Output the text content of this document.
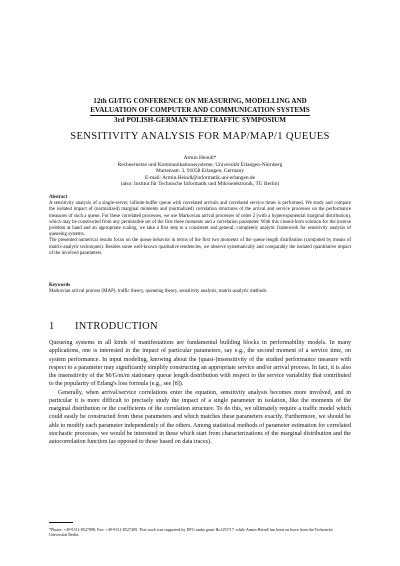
12th GI/ITG CONFERENCE ON MEASURING, MODELLING AND
EVALUATION OF COMPUTER AND COMMUNICATION SYSTEMS
3rd POLISH-GERMAN TELETRAFFIC SYMPOSIUM
SENSITIVITY ANALYSIS FOR MAP/MAP/1 QUEUES
Armin Heindl*
Rechnernetze und Kommunikationssysteme, Universität Erlangen-Nürnberg
Martensstr. 3, 91058 Erlangen, Germany
E-mail: Armin.Heindl@informatik.uni-erlangen.de
(also: Institut für Technische Informatik und Mikroelektronik, TU Berlin)
Abstract
A sensitivity analysis of a single-server, infinite-buffer queue with correlated arrivals and correlated service times is performed. We study and compare the isolated impact of (normalized) marginal moments and (normalized) correlation structures of the arrival and service processes on the performance measures of such a queue. For these correlated processes, we use Markovian arrival processes of order 2 (with a hyperexponential marginal distribution), which may be constructed from any permissible set of the first three moments and a correlation parameter. With this closed-form solution for the inverse problem at hand and an appropriate scaling, we take a first step to a consistent and general, completely analytic framework for sensitivity analysis of queueing systems.
The presented numerical results focus on the queue behavior in terms of the first two moments of the queue length distribution (computed by means of matrix-analytic techniques). Besides some well-known qualitative tendencies, we observe systematically and comparably the isolated quantitative impact of the involved parameters.
Keywords
Markovian arrival process (MAP), traffic theory, queueing theory, sensitivity analysis, matrix-analytic methods
1 INTRODUCTION

Queueing systems in all kinds of manifestations are fundamental building blocks in performability models. In many applications, one is interested in the impact of particular parameters, say e.g., the second moment of a service time, on system performance. In input modeling, knowing about the (quasi-)insensitivity of the studied performance measure with respect to a parameter may significantly simplify constructing an appropriate service and/or arrival process. In fact, it is also the insensitivity of the M/G/m/m stationary queue length distribution with respect to the service variability that contributed to the popularity of Erlang's loss formula (e.g., see [8]).

Generally, when arrival/service correlations enter the equation, sensitivity analysis becomes more involved, and in particular it is more difficult to precisely study the impact of a single parameter in isolation, like the moments of the marginal distribution or the coefficients of the correlation structure. To do this, we ultimately require a traffic model which could easily be constructed from these parameters and which matches these parameters exactly. Furthermore, we should be able to modify each parameter independently of the others. Among statistical methods of parameter estimation for correlated stochastic processes, we would be interested in these which start from characterizations of the marginal distribution and the autocorrelation function (as opposed to those based on data traces).

*Phone: +49-9131-8527098, Fax: +49-9131-8527409. This work was supported by DFG under grant Ho1257/17, while Armin Heindl has been on leave from the Technische Universität Berlin.
